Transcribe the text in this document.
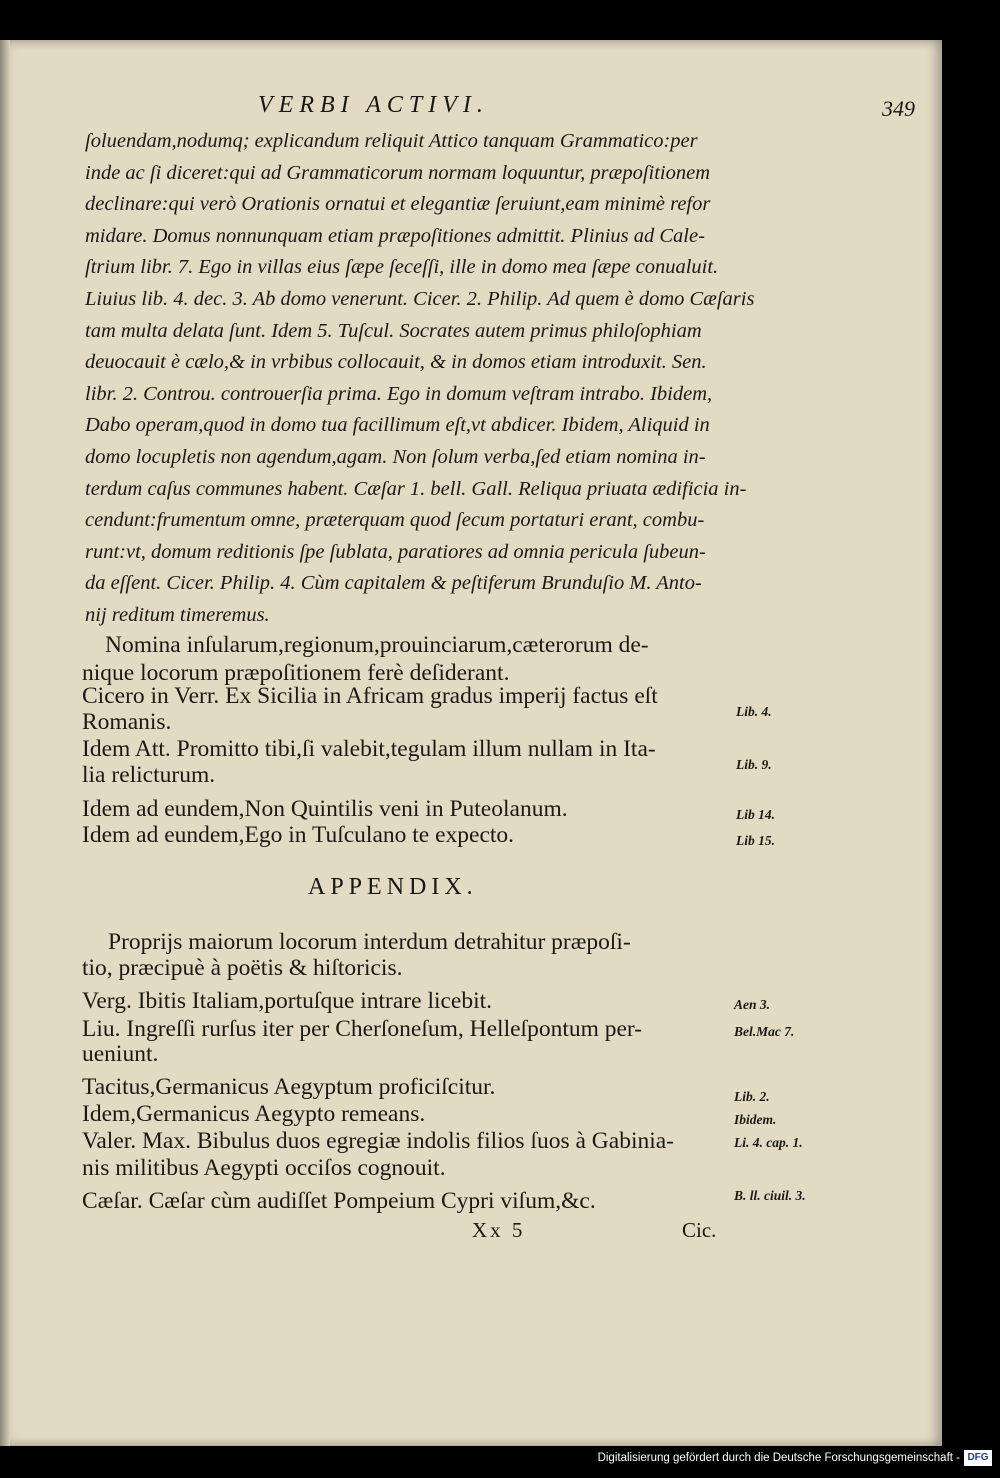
VERBI ACTIVI.	349
ſoluendam,nodumq; explicandum reliquit Attico tanquam Grammatico:per
inde ac ſi diceret:qui ad Grammaticorum normam loquuntur, præpoſitionem
declinare:qui verò Orationis ornatui et elegantiæ ſeruiunt,eam minimè refor
midare. Domus nonnunquam etiam præpoſitiones admittit. Plinius ad Cale-
ſtrium libr. 7. Ego in villas eius ſæpe ſeceſſi, ille in domo mea ſæpe conualuit.
Liuius lib. 4. dec. 3. Ab domo venerunt. Cicer. 2. Philip. Ad quem è domo Cæſaris
tam multa delata ſunt. Idem 5. Tuſcul. Socrates autem primus philoſophiam
deuocauit è cælo,& in vrbibus collocauit, & in domos etiam introduxit. Sen.
libr. 2. Controu. controuerſia prima. Ego in domum veſtram intrabo. Ibidem,
Dabo operam,quod in domo tua facillimum eſt,vt abdicer. Ibidem, Aliquid in
domo locupletis non agendum,agam. Non ſolum verba,ſed etiam nomina in-
terdum caſus communes habent. Cæſar 1. bell. Gall. Reliqua priuata ædificia in-
cendunt:frumentum omne, præterquam quod ſecum portaturi erant, combu-
runt:vt, domum reditionis ſpe ſublata, paratiores ad omnia pericula ſubeun-
da eſſent. Cicer. Philip. 4. Cùm capitalem & peſtiferum Brunduſio M. Anto-
nij reditum timeremus.
Nomina inſularum,regionum,prouinciarum,cæterorum de-
nique locorum præpoſitionem ferè deſiderant.
Cicero in Verr. Ex Sicilia in Africam gradus imperij factus eſt
Romanis.
Idem Att. Promitto tibi,ſi valebit,tegulam illum nullam in Ita-
lia relicturum.
Idem ad eundem,Non Quintilis veni in Puteolanum.
Idem ad eundem,Ego in Tuſculano te expecto.
Lib. 4.
Lib. 9.
Lib 14.
Lib 15.
APPENDIX.
Proprijs maiorum locorum interdum detrahitur præpoſi-
tio, præcipuè à poëtis & hiſtoricis.
Verg. Ibitis Italiam,portuſque intrare licebit.
Liu. Ingreſſi rurſus iter per Cherſoneſum, Helleſpontum per-
ueniunt.
Tacitus,Germanicus Aegyptum proficiſcitur.
Idem,Germanicus Aegypto remeans.
Valer. Max. Bibulus duos egregiæ indolis filios ſuos à Gabinia-
nis militibus Aegypti occiſos cognouit.
Cæſar. Cæſar cùm audiſſet Pompeium Cypri viſum,&c.
Aen 3.
Bel.Mac 7.
Lib. 2.
Ibidem.
Li. 4. cap. 1.
B. ll. ciuil. 3.
Xx 5	Cic.
Digitalisierung gefördert durch die Deutsche Forschungsgemeinschaft - DFG
